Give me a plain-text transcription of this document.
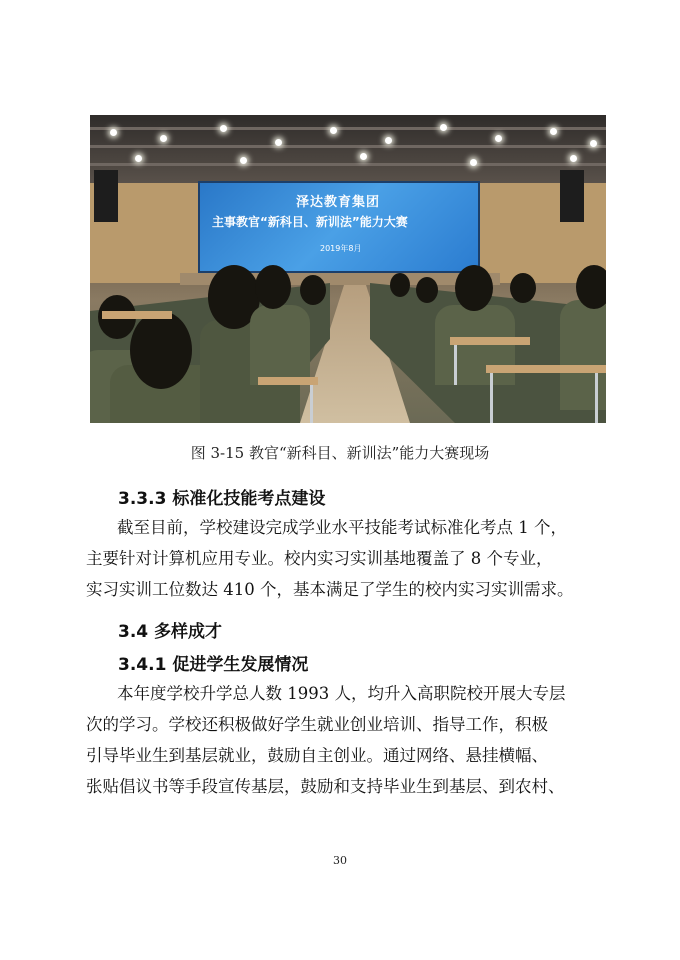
泽达教育集团
主事教官“新科目、新训法”能力大赛
2019年8月
图 3-15 教官“新科目、新训法”能力大赛现场
3.3.3 标准化技能考点建设
截至目前，学校建设完成学业水平技能考试标准化考点 1 个，
主要针对计算机应用专业。校内实习实训基地覆盖了 8 个专业，
实习实训工位数达 410 个，基本满足了学生的校内实习实训需求。
3.4 多样成才
3.4.1 促进学生发展情况
本年度学校升学总人数 1993 人，均升入高职院校开展大专层
次的学习。学校还积极做好学生就业创业培训、指导工作，积极
引导毕业生到基层就业，鼓励自主创业。通过网络、悬挂横幅、
张贴倡议书等手段宣传基层，鼓励和支持毕业生到基层、到农村、
30
